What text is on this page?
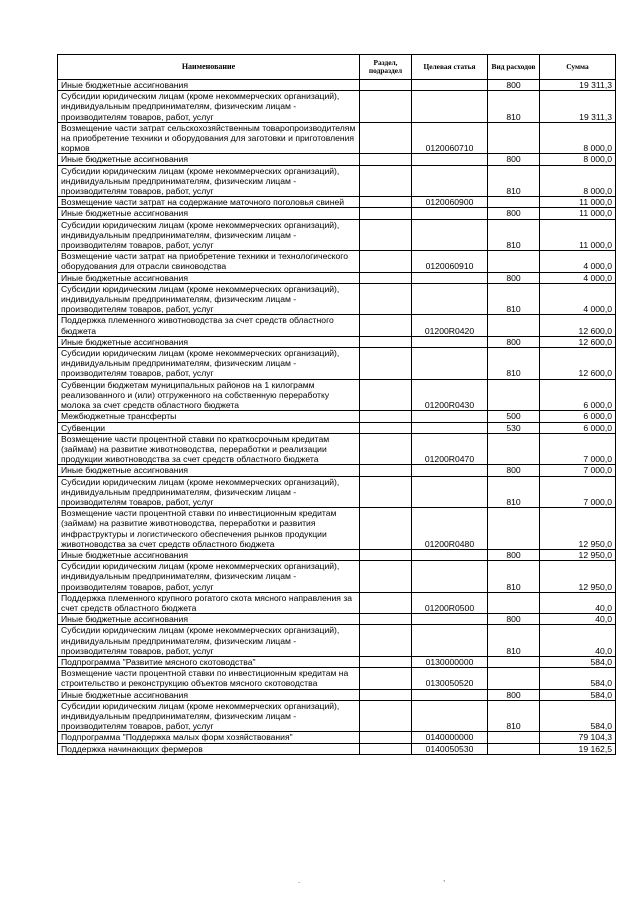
Наименование	Раздел, подраздел	Целевая статья	Вид расходов	Сумма
Иные бюджетные ассигнования			800	19 311,3
Субсидии юридическим лицам (кроме некоммерческих организаций), индивидуальным предпринимателям, физическим лицам - производителям товаров, работ, услуг			810	19 311,3
Возмещение части затрат сельскохозяйственным товаропроизводителям на приобретение техники и оборудования для заготовки и приготовления кормов		0120060710		8 000,0
Иные бюджетные ассигнования			800	8 000,0
Субсидии юридическим лицам (кроме некоммерческих организаций), индивидуальным предпринимателям, физическим лицам - производителям товаров, работ, услуг			810	8 000,0
Возмещение части затрат на содержание маточного поголовья свиней		0120060900		11 000,0
Иные бюджетные ассигнования			800	11 000,0
Субсидии юридическим лицам (кроме некоммерческих организаций), индивидуальным предпринимателям, физическим лицам - производителям товаров, работ, услуг			810	11 000,0
Возмещение части затрат на приобретение техники и технологического оборудования для отрасли свиноводства		0120060910		4 000,0
Иные бюджетные ассигнования			800	4 000,0
Субсидии юридическим лицам (кроме некоммерческих организаций), индивидуальным предпринимателям, физическим лицам - производителям товаров, работ, услуг			810	4 000,0
Поддержка племенного животноводства за счет средств областного бюджета		01200R0420		12 600,0
Иные бюджетные ассигнования			800	12 600,0
Субсидии юридическим лицам (кроме некоммерческих организаций), индивидуальным предпринимателям, физическим лицам - производителям товаров, работ, услуг			810	12 600,0
Субвенции бюджетам муниципальных районов на 1 килограмм реализованного и (или) отгруженного на собственную переработку молока за счет средств областного бюджета		01200R0430		6 000,0
Межбюджетные трансферты			500	6 000,0
Субвенции			530	6 000,0
Возмещение части процентной ставки по краткосрочным кредитам (займам) на развитие животноводства, переработки и реализации продукции животноводства за счет средств областного бюджета		01200R0470		7 000,0
Иные бюджетные ассигнования			800	7 000,0
Субсидии юридическим лицам (кроме некоммерческих организаций), индивидуальным предпринимателям, физическим лицам - производителям товаров, работ, услуг			810	7 000,0
Возмещение части процентной ставки по инвестиционным кредитам (займам) на развитие животноводства, переработки и развития инфраструктуры и логистического обеспечения рынков продукции животноводства за счет средств областного бюджета		01200R0480		12 950,0
Иные бюджетные ассигнования			800	12 950,0
Субсидии юридическим лицам (кроме некоммерческих организаций), индивидуальным предпринимателям, физическим лицам - производителям товаров, работ, услуг			810	12 950,0
Поддержка племенного крупного рогатого скота мясного направления за счет средств областного бюджета		01200R0500		40,0
Иные бюджетные ассигнования			800	40,0
Субсидии юридическим лицам (кроме некоммерческих организаций), индивидуальным предпринимателям, физическим лицам - производителям товаров, работ, услуг			810	40,0
Подпрограмма "Развитие мясного скотоводства"		0130000000		584,0
Возмещение части процентной ставки по инвестиционным кредитам на строительство и реконструкцию объектов мясного скотоводства		0130050520		584,0
Иные бюджетные ассигнования			800	584,0
Субсидии юридическим лицам (кроме некоммерческих организаций), индивидуальным предпринимателям, физическим лицам - производителям товаров, работ, услуг			810	584,0
Подпрограмма "Поддержка малых форм хозяйствования"		0140000000		79 104,3
Поддержка начинающих фермеров		0140050530		19 162,5
.	,
